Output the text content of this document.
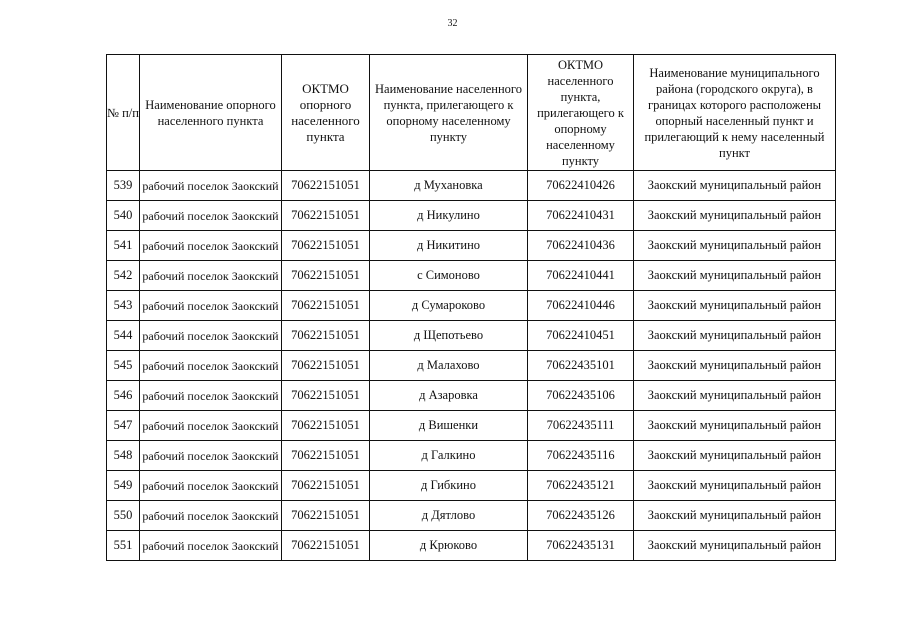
32
№ п/п	Наименование опорного населенного пункта	ОКТМО опорного населенного пункта	Наименование населенного пункта, прилегающего к опорному населенному пункту	ОКТМО населенного пункта, прилегающего к опорному населенному пункту	Наименование муниципального района (городского округа), в границах которого расположены опорный населенный пункт и прилегающий к нему населенный пункт
539	рабочий поселок Заокский	70622151051	д Мухановка	70622410426	Заокский муниципальный район
540	рабочий поселок Заокский	70622151051	д Никулино	70622410431	Заокский муниципальный район
541	рабочий поселок Заокский	70622151051	д Никитино	70622410436	Заокский муниципальный район
542	рабочий поселок Заокский	70622151051	с Симоново	70622410441	Заокский муниципальный район
543	рабочий поселок Заокский	70622151051	д Сумароково	70622410446	Заокский муниципальный район
544	рабочий поселок Заокский	70622151051	д Щепотьево	70622410451	Заокский муниципальный район
545	рабочий поселок Заокский	70622151051	д Малахово	70622435101	Заокский муниципальный район
546	рабочий поселок Заокский	70622151051	д Азаровка	70622435106	Заокский муниципальный район
547	рабочий поселок Заокский	70622151051	д Вишенки	70622435111	Заокский муниципальный район
548	рабочий поселок Заокский	70622151051	д Галкино	70622435116	Заокский муниципальный район
549	рабочий поселок Заокский	70622151051	д Гибкино	70622435121	Заокский муниципальный район
550	рабочий поселок Заокский	70622151051	д Дятлово	70622435126	Заокский муниципальный район
551	рабочий поселок Заокский	70622151051	д Крюково	70622435131	Заокский муниципальный район
